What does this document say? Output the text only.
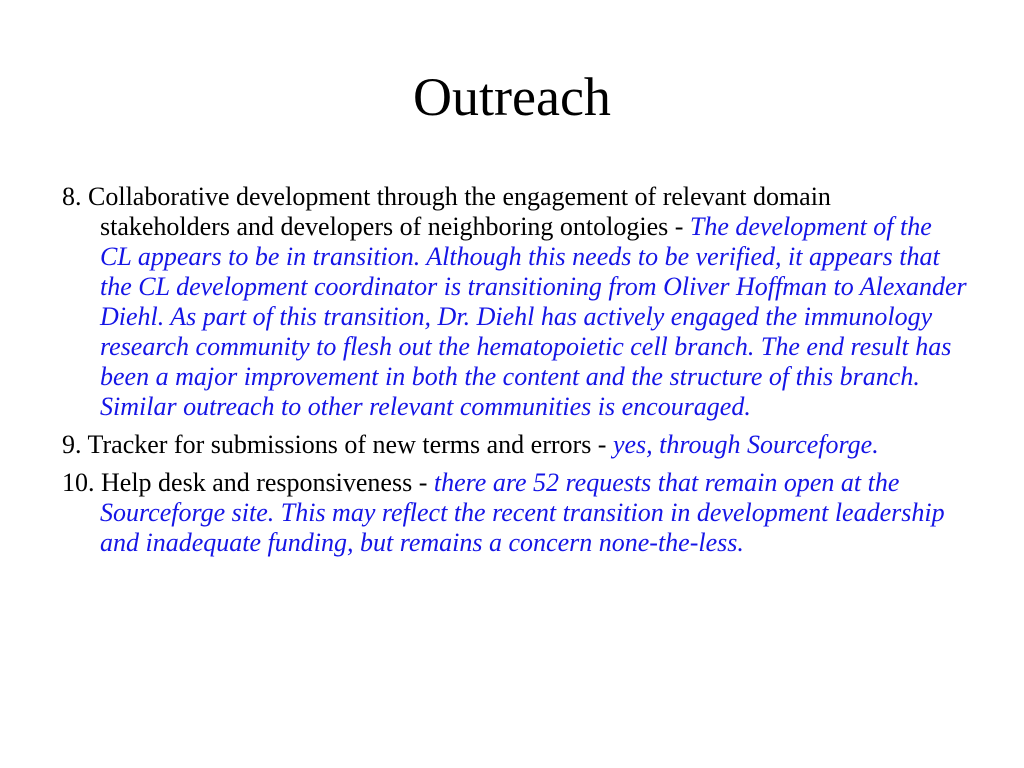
Outreach
8. Collaborative development through the engagement of relevant domain stakeholders and developers of neighboring ontologies - The development of the CL appears to be in transition. Although this needs to be verified, it appears that the CL development coordinator is transitioning from Oliver Hoffman to Alexander Diehl. As part of this transition, Dr. Diehl has actively engaged the immunology research community to flesh out the hematopoietic cell branch. The end result has been a major improvement in both the content and the structure of this branch. Similar outreach to other relevant communities is encouraged.
9. Tracker for submissions of new terms and errors - yes, through Sourceforge.
10. Help desk and responsiveness - there are 52 requests that remain open at the Sourceforge site. This may reflect the recent transition in development leadership and inadequate funding, but remains a concern none-the-less.
